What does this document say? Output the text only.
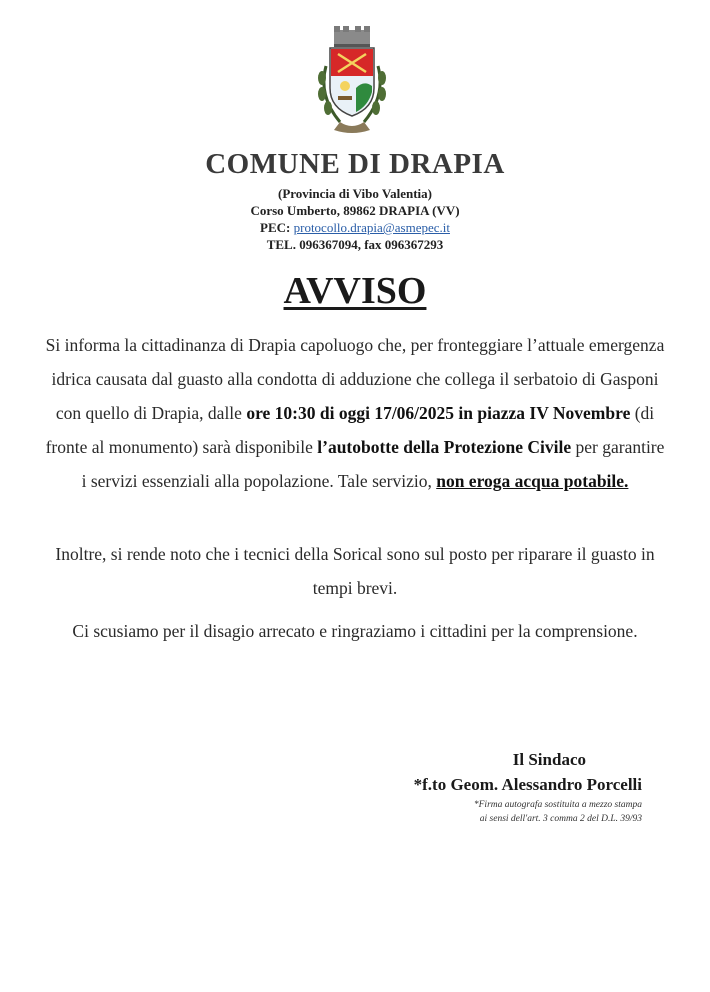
COMUNE DI DRAPIA
(Provincia di Vibo Valentia)
Corso Umberto, 89862 DRAPIA (VV)
PEC: protocollo.drapia@asmepec.it
TEL. 096367094, fax 096367293
AVVISO
Si informa la cittadinanza di Drapia capoluogo che, per fronteggiare l’attuale emergenza idrica causata dal guasto alla condotta di adduzione che collega il serbatoio di Gasponi con quello di Drapia, dalle ore 10:30 di oggi 17/06/2025 in piazza IV Novembre (di fronte al monumento) sarà disponibile l’autobotte della Protezione Civile per garantire i servizi essenziali alla popolazione. Tale servizio, non eroga acqua potabile.
Inoltre, si rende noto che i tecnici della Sorical sono sul posto per riparare il guasto in tempi brevi.
Ci scusiamo per il disagio arrecato e ringraziamo i cittadini per la comprensione.
Il Sindaco
*f.to Geom. Alessandro Porcelli
*Firma autografa sostituita a mezzo stampa
ai sensi dell'art. 3 comma 2 del D.L. 39/93
